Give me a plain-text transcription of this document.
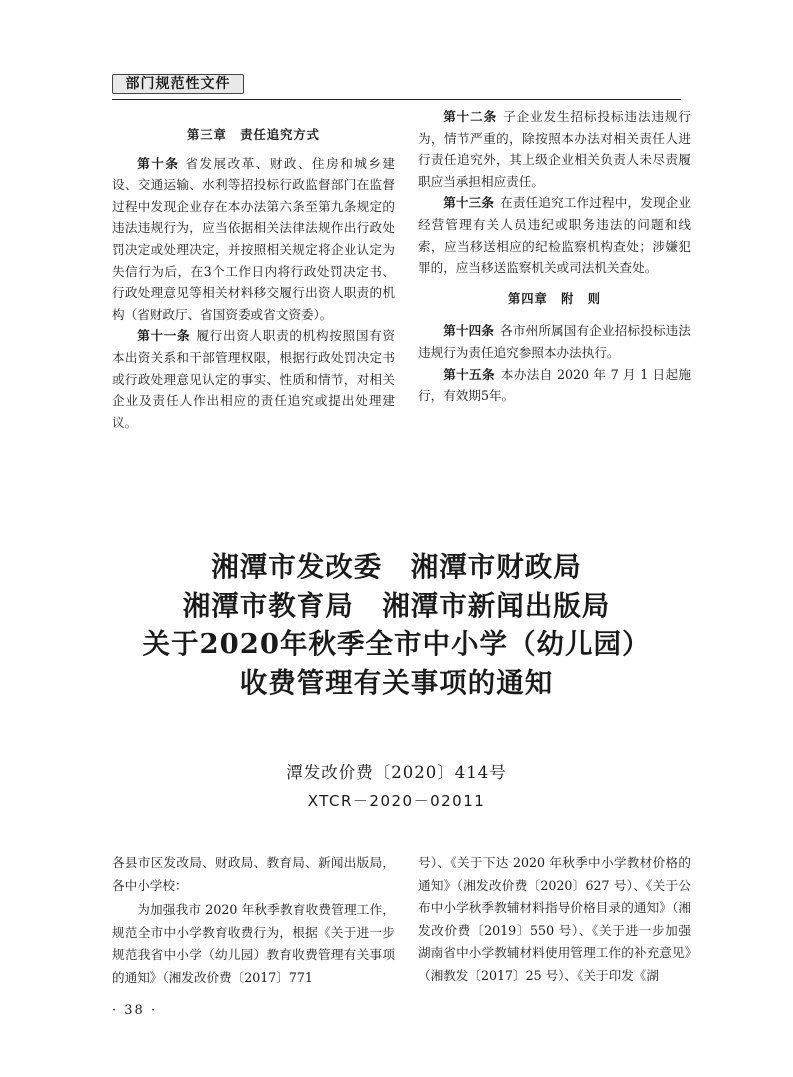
部门规范性文件
第三章　责任追究方式

第十条 省发展改革、财政、住房和城乡建设、交通运输、水利等招投标行政监督部门在监督过程中发现企业存在本办法第六条至第九条规定的违法违规行为，应当依据相关法律法规作出行政处罚决定或处理决定，并按照相关规定将企业认定为失信行为后，在3个工作日内将行政处罚决定书、行政处理意见等相关材料移交履行出资人职责的机构（省财政厅、省国资委或省文资委）。

第十一条 履行出资人职责的机构按照国有资本出资关系和干部管理权限，根据行政处罚决定书或行政处理意见认定的事实、性质和情节，对相关企业及责任人作出相应的责任追究或提出处理建议。

第十二条 子企业发生招标投标违法违规行为，情节严重的，除按照本办法对相关责任人进行责任追究外，其上级企业相关负责人未尽责履职应当承担相应责任。

第十三条 在责任追究工作过程中，发现企业经营管理有关人员违纪或职务违法的问题和线索，应当移送相应的纪检监察机构查处；涉嫌犯罪的，应当移送监察机关或司法机关查处。

第四章　附　则

第十四条 各市州所属国有企业招标投标违法违规行为责任追究参照本办法执行。

第十五条 本办法自 2020 年 7 月 1 日起施行，有效期5年。

湘潭市发改委　湘潭市财政局
湘潭市教育局　湘潭市新闻出版局
关于2020年秋季全市中小学（幼儿园）
收费管理有关事项的通知
潭发改价费〔2020〕414号
XTCR－2020－02011

各县市区发改局、财政局、教育局、新闻出版局，各中小学校：

为加强我市 2020 年秋季教育收费管理工作，规范全市中小学教育收费行为，根据《关于进一步规范我省中小学（幼儿园）教育收费管理有关事项的通知》（湘发改价费〔2017〕771

号）、《关于下达 2020 年秋季中小学教材价格的通知》（湘发改价费〔2020〕627 号）、《关于公布中小学秋季教辅材料指导价格目录的通知》（湘发改价费〔2019〕550 号）、《关于进一步加强湖南省中小学教辅材料使用管理工作的补充意见》（湘教发〔2017〕25 号）、《关于印发《湖

· 38 ·
